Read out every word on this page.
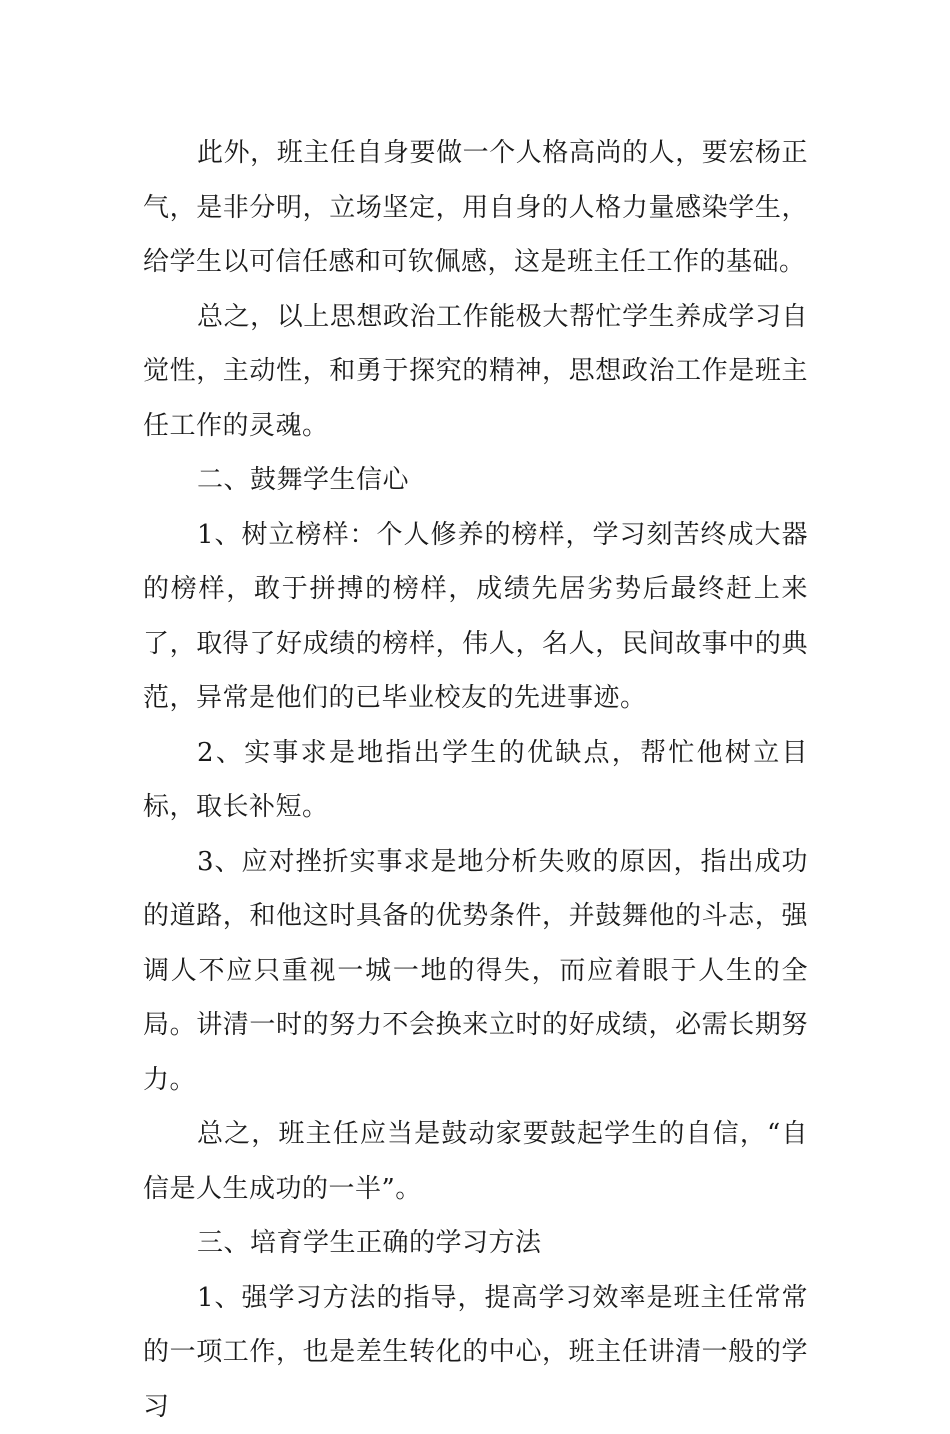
此外，班主任自身要做一个人格高尚的人，要宏杨正气，是非分明，立场坚定，用自身的人格力量感染学生，给学生以可信任感和可钦佩感，这是班主任工作的基础。

总之，以上思想政治工作能极大帮忙学生养成学习自觉性，主动性，和勇于探究的精神，思想政治工作是班主任工作的灵魂。

二、鼓舞学生信心

1、树立榜样：个人修养的榜样，学习刻苦终成大器的榜样，敢于拼搏的榜样，成绩先居劣势后最终赶上来了，取得了好成绩的榜样，伟人，名人，民间故事中的典范，异常是他们的已毕业校友的先进事迹。

2、实事求是地指出学生的优缺点，帮忙他树立目标，取长补短。

3、应对挫折实事求是地分析失败的原因，指出成功的道路，和他这时具备的优势条件，并鼓舞他的斗志，强调人不应只重视一城一地的得失，而应着眼于人生的全局。讲清一时的努力不会换来立时的好成绩，必需长期努力。

总之，班主任应当是鼓动家要鼓起学生的自信，“自信是人生成功的一半”。

三、培育学生正确的学习方法

1、强学习方法的指导，提高学习效率是班主任常常的一项工作，也是差生转化的中心，班主任讲清一般的学习
